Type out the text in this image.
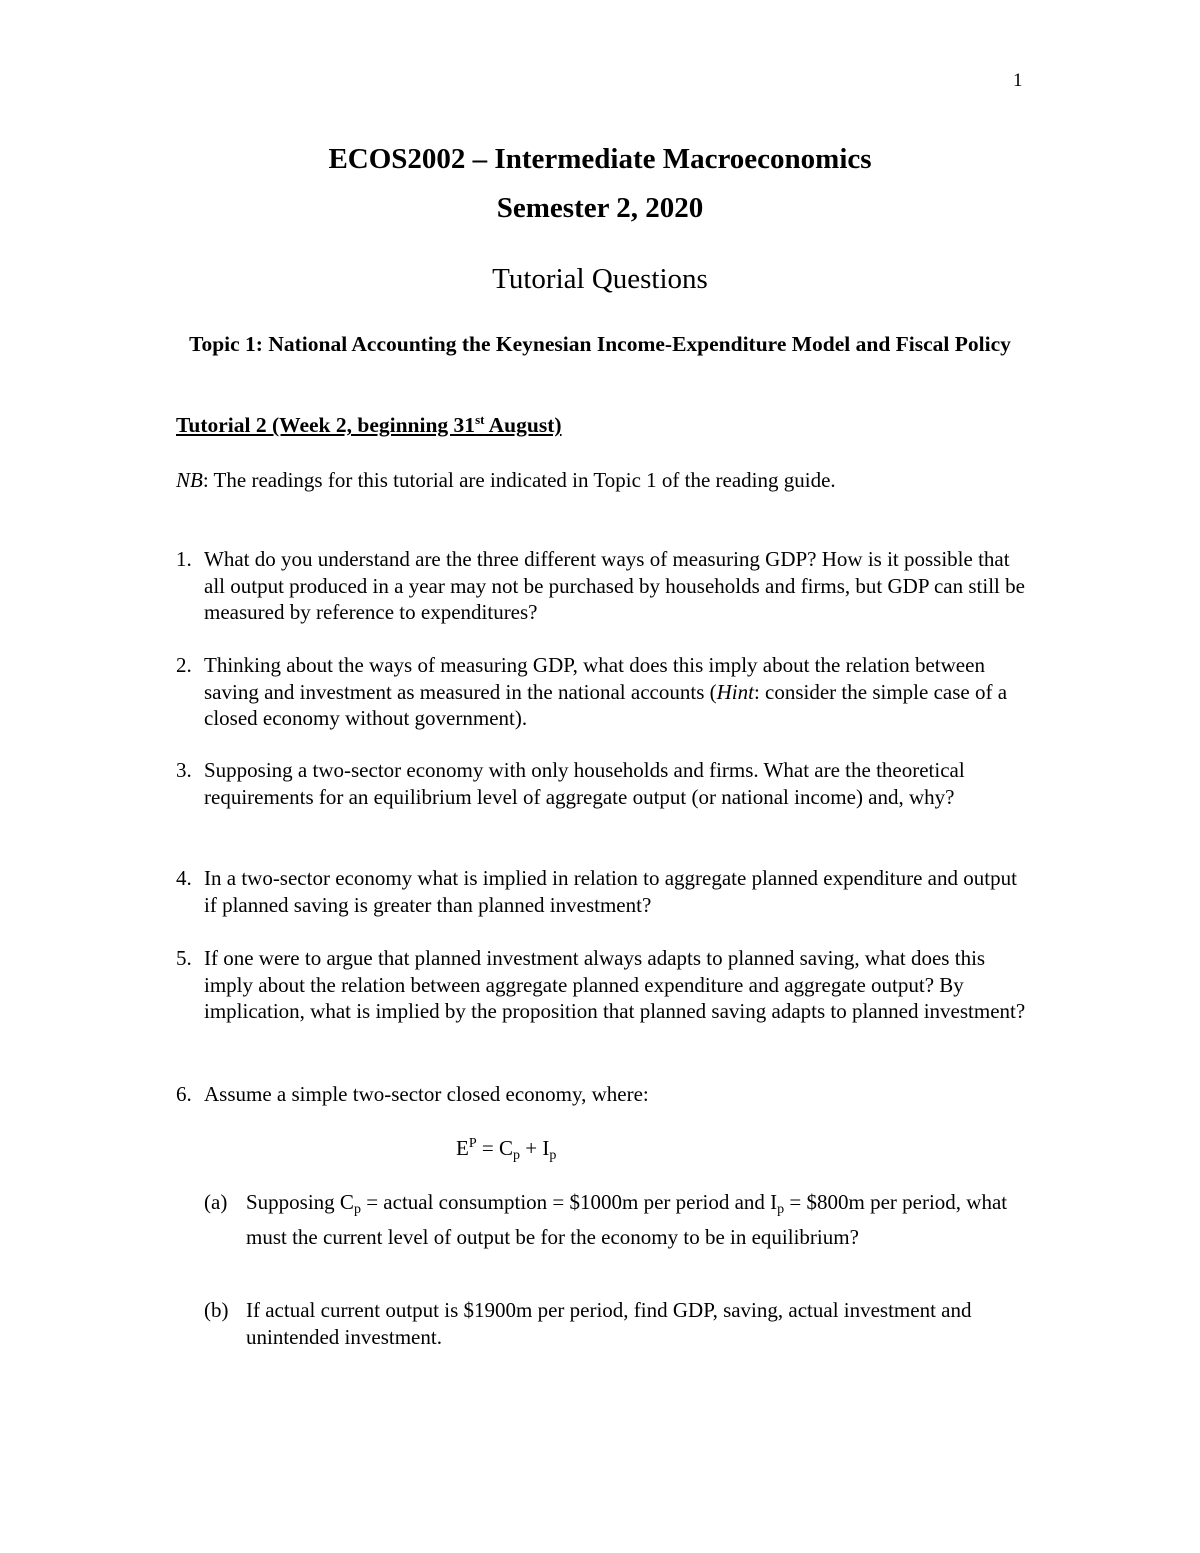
1
ECOS2002 – Intermediate Macroeconomics
Semester 2, 2020
Tutorial Questions
Topic 1: National Accounting the Keynesian Income-Expenditure Model and Fiscal Policy
Tutorial 2 (Week 2, beginning 31st August)
NB: The readings for this tutorial are indicated in Topic 1 of the reading guide.
1. What do you understand are the three different ways of measuring GDP? How is it possible that all output produced in a year may not be purchased by households and firms, but GDP can still be measured by reference to expenditures?
2. Thinking about the ways of measuring GDP, what does this imply about the relation between saving and investment as measured in the national accounts (Hint: consider the simple case of a closed economy without government).
3. Supposing a two-sector economy with only households and firms. What are the theoretical requirements for an equilibrium level of aggregate output (or national income) and, why?
4. In a two-sector economy what is implied in relation to aggregate planned expenditure and output if planned saving is greater than planned investment?
5. If one were to argue that planned investment always adapts to planned saving, what does this imply about the relation between aggregate planned expenditure and aggregate output? By implication, what is implied by the proposition that planned saving adapts to planned investment?
6. Assume a simple two-sector closed economy, where:
$E^P = C_p + I_p$
(a) Supposing $C_p$ = actual consumption = $1000m per period and $I_p$ = $800m per period, what must the current level of output be for the economy to be in equilibrium?
(b) If actual current output is $1900m per period, find GDP, saving, actual investment and unintended investment.
